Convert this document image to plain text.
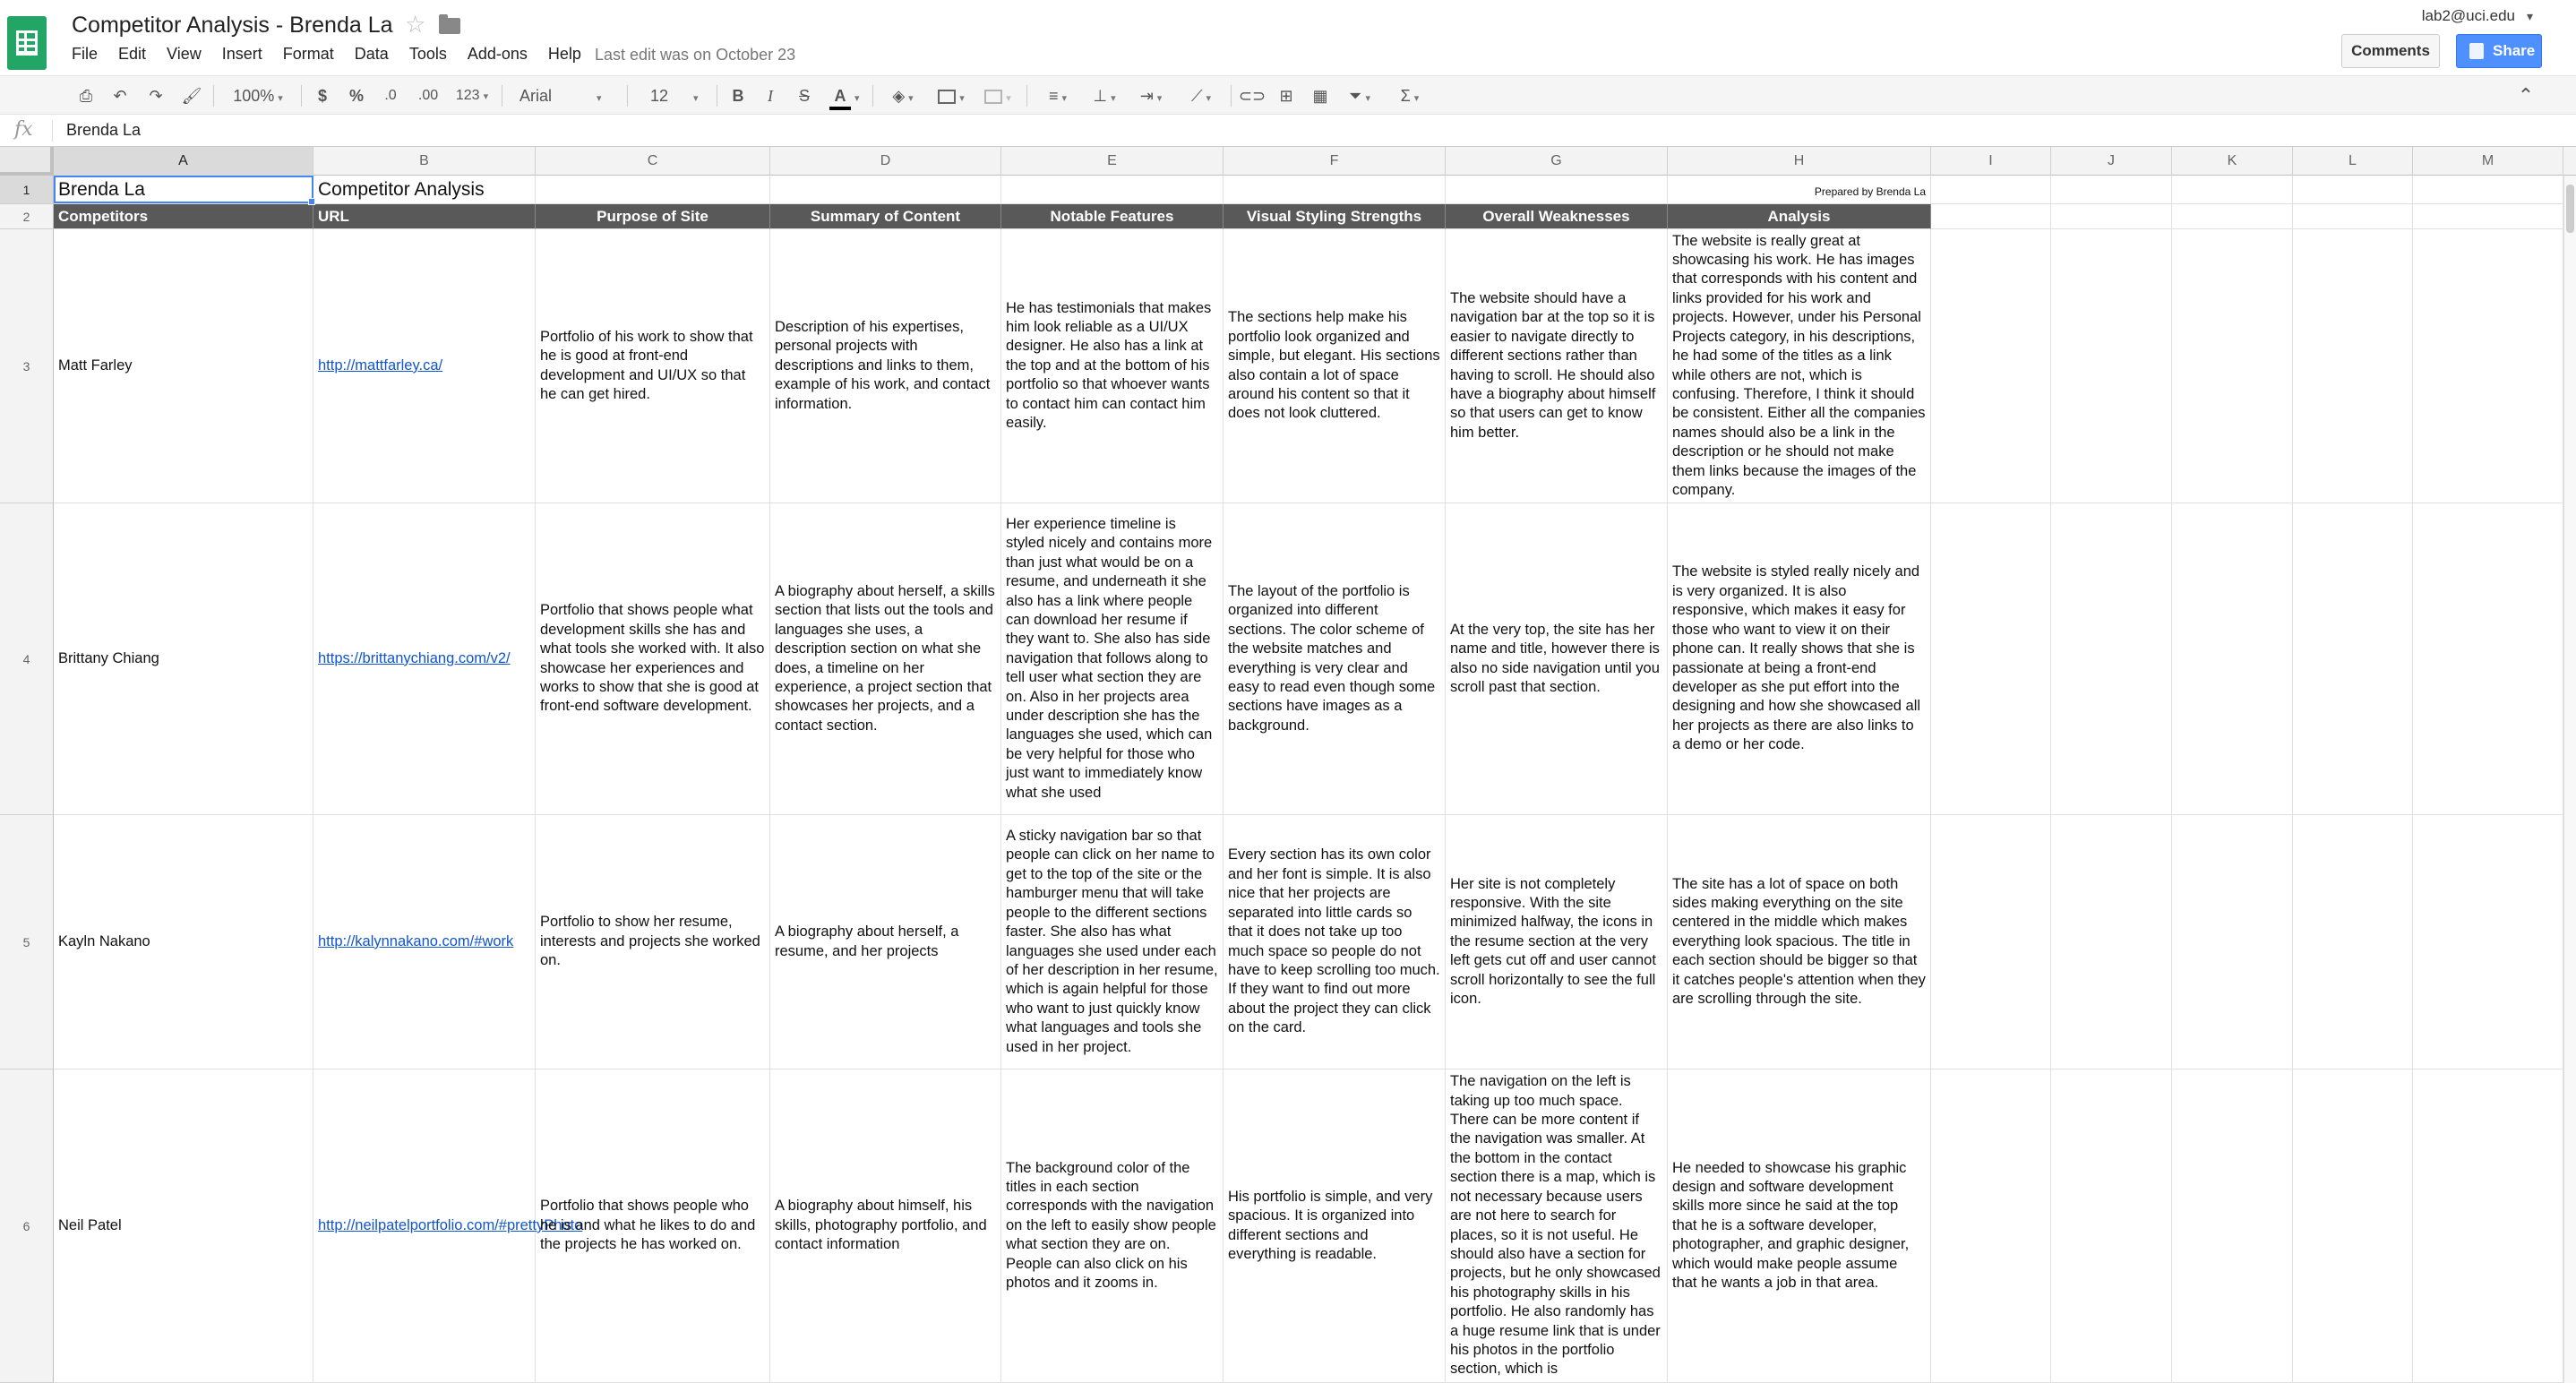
Competitor Analysis - Brenda La ☆
File Edit View Insert Format Data Tools Add-ons Help Last edit was on October 23
lab2@uci.edu ▾
Comments	Share
⎙	↶	↷	🖌	100% ▾	$	%	.0	.00	123 ▾	Arial	▾	12	▾	B	I	S	A ▾	◈ ▾	▾	▾	≡ ▾	⊥ ▾	⇥ ▾	⟋ ▾	⊂⊃ ⊞	▦	⏷ ▾	Σ ▾	⌃
fx Brenda La
A	B	C	D	E	F	G	H	I	J	K	L	M
1	Brenda La	Competitor Analysis	Prepared by Brenda La
2	Competitors	URL	Purpose of Site	Summary of Content	Notable Features	Visual Styling Strengths	Overall Weaknesses	Analysis
3	Matt Farley	http://mattfarley.ca/
Portfolio of his work to show that he is good at front-end development and UI/UX so that he can get hired.
Description of his expertises, personal projects with descriptions and links to them, example of his work, and contact information.
He has testimonials that makes him look reliable as a UI/UX designer. He also has a link at the top and at the bottom of his portfolio so that whoever wants to contact him can contact him easily.
The sections help make his portfolio look organized and simple, but elegant. His sections also contain a lot of space around his content so that it does not look cluttered.
The website should have a navigation bar at the top so it is easier to navigate directly to different sections rather than having to scroll. He should also have a biography about himself so that users can get to know him better.
The website is really great at showcasing his work. He has images that corresponds with his content and links provided for his work and projects. However, under his Personal Projects category, in his descriptions, he had some of the titles as a link while others are not, which is confusing. Therefore, I think it should be consistent. Either all the companies names should also be a link in the description or he should not make them links because the images of the company.
4	Brittany Chiang	https://brittanychiang.com/v2/
Portfolio that shows people what development skills she has and what tools she worked with. It also showcase her experiences and works to show that she is good at front-end software development.
A biography about herself, a skills section that lists out the tools and languages she uses, a description section on what she does, a timeline on her experience, a project section that showcases her projects, and a contact section.
Her experience timeline is styled nicely and contains more than just what would be on a resume, and underneath it she also has a link where people can download her resume if they want to. She also has side navigation that follows along to tell user what section they are on. Also in her projects area under description she has the languages she used, which can be very helpful for those who just want to immediately know what she used
The layout of the portfolio is organized into different sections. The color scheme of the website matches and everything is very clear and easy to read even though some sections have images as a background.
At the very top, the site has her name and title, however there is also no side navigation until you scroll past that section.
The website is styled really nicely and is very organized. It is also responsive, which makes it easy for those who want to view it on their phone can. It really shows that she is passionate at being a front-end developer as she put effort into the designing and how she showcased all her projects as there are also links to a demo or her code.
5	Kayln Nakano	http://kalynnakano.com/#work
Portfolio to show her resume, interests and projects she worked on.
A biography about herself, a resume, and her projects
A sticky navigation bar so that people can click on her name to get to the top of the site or the hamburger menu that will take people to the different sections faster. She also has what languages she used under each of her description in her resume, which is again helpful for those who want to just quickly know what languages and tools she used in her project.
Every section has its own color and her font is simple. It is also nice that her projects are separated into little cards so that it does not take up too much space so people do not have to keep scrolling too much. If they want to find out more about the project they can click on the card.
Her site is not completely responsive. With the site minimized halfway, the icons in the resume section at the very left gets cut off and user cannot scroll horizontally to see the full icon.
The site has a lot of space on both sides making everything on the site centered in the middle which makes everything look spacious. The title in each section should be bigger so that it catches people's attention when they are scrolling through the site.
6	Neil Patel	http://neilpatelportfolio.com/#prettyPhoto
Portfolio that shows people who he is and what he likes to do and the projects he has worked on.
A biography about himself, his skills, photography portfolio, and contact information
The background color of the titles in each section corresponds with the navigation on the left to easily show people what section they are on. People can also click on his photos and it zooms in.
His portfolio is simple, and very spacious. It is organized into different sections and everything is readable.
The navigation on the left is taking up too much space. There can be more content if the navigation was smaller. At the bottom in the contact section there is a map, which is not necessary because users are not here to search for places, so it is not useful. He should also have a section for projects, but he only showcased his photography skills in his portfolio. He also randomly has a huge resume link that is under his photos in the portfolio section, which is
He needed to showcase his graphic design and software development skills more since he said at the top that he is a software developer, photographer, and graphic designer, which would make people assume that he wants a job in that area.
